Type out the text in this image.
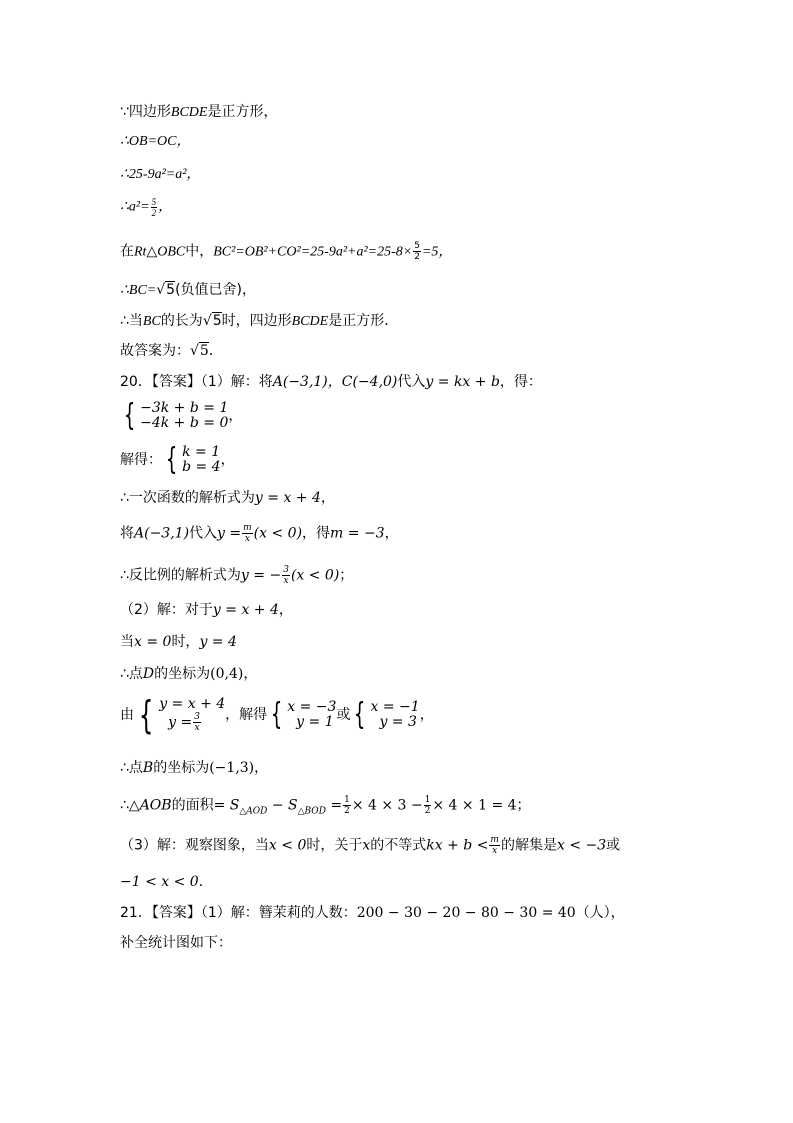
∵四边形BCDE是正方形，
∴OB=OC，
∴25-9a²=a²，
∴a²= $\frac{5}{2}$ ，
在Rt△OBC中，$BC^2=OB^2+CO^2=25-9a^2+a^2=25-8\times \frac{5}{2} =5$，
∴BC=√5(负值已舍)，
∴当BC的长为√5时，四边形BCDE是正方形．
故答案为：√5．
20．【答案】（1）解：将A(−3,1)，C(−4,0)代入y = kx + b，得：
{ −3k + b = 1
−4k + b = 0 ，
解得： { k = 1
b = 4 ，
∴一次函数的解析式为y = x + 4，
将A(−3,1)代入$y = \frac{m}{x} (x < 0)$，得m = −3，
∴反比例的解析式为y = − $\frac{3}{x} (x < 0)$；
（2）解：对于y = x + 4，
当x = 0时，y = 4
∴点D的坐标为(0,4)，
由 { y = x + 4
$y = \frac{3}{x}$ ，解得 { x = −3
y = 1 或 { x = −1
y = 3 ，
∴点B的坐标为(−1,3)，
∴△AOB的面积= $S_{\triangle AOD} - S_{\triangle BOD} = \frac{1}{2} \times 4 \times 3 - \frac{1}{2} \times 4 \times 1 = 4$；
（3）解：观察图象，当x < 0时，关于x的不等式kx + $b < \frac{m}{x}$ 的解集是x < −3或
−1 < x < 0．
21．【答案】（1）解：簪茉莉的人数：200 − 30 − 20 − 80 − 30 = 40（人），
补全统计图如下：
